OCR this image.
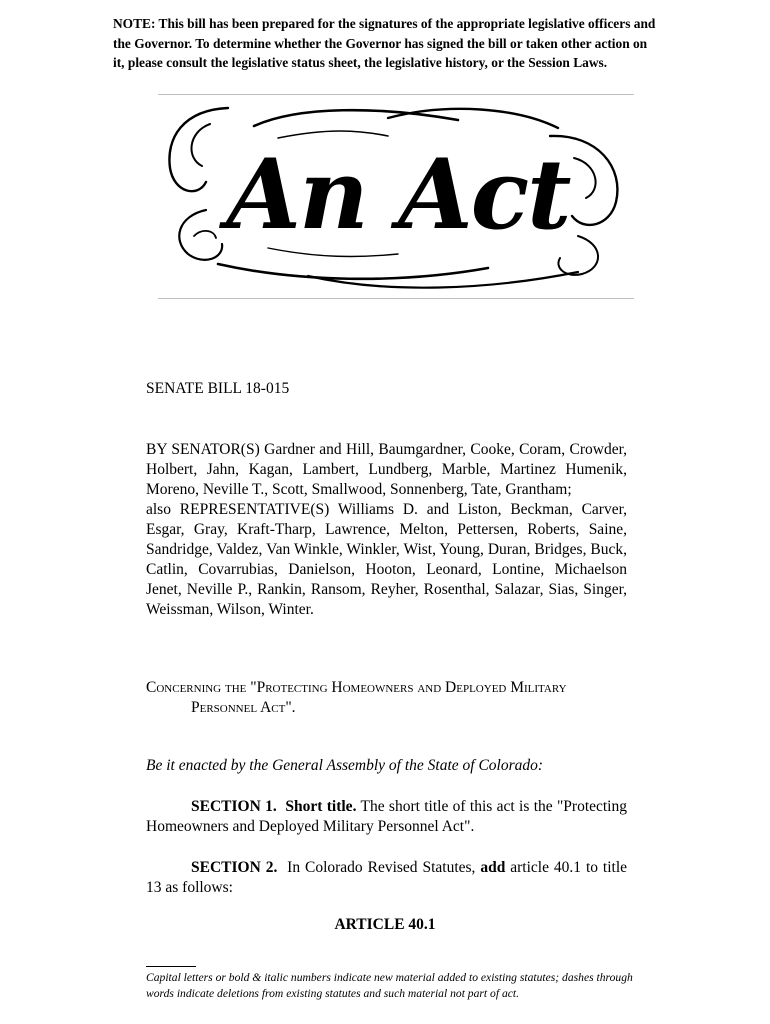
NOTE: This bill has been prepared for the signatures of the appropriate legislative officers and the Governor. To determine whether the Governor has signed the bill or taken other action on it, please consult the legislative status sheet, the legislative history, or the Session Laws.
An Act
SENATE BILL 18-015

BY SENATOR(S) Gardner and Hill, Baumgardner, Cooke, Coram, Crowder, Holbert, Jahn, Kagan, Lambert, Lundberg, Marble, Martinez Humenik, Moreno, Neville T., Scott, Smallwood, Sonnenberg, Tate, Grantham;

also REPRESENTATIVE(S) Williams D. and Liston, Beckman, Carver, Esgar, Gray, Kraft-Tharp, Lawrence, Melton, Pettersen, Roberts, Saine, Sandridge, Valdez, Van Winkle, Winkler, Wist, Young, Duran, Bridges, Buck, Catlin, Covarrubias, Danielson, Hooton, Leonard, Lontine, Michaelson Jenet, Neville P., Rankin, Ransom, Reyher, Rosenthal, Salazar, Sias, Singer, Weissman, Wilson, Winter.

Concerning the "Protecting Homeowners and Deployed Military
Personnel Act".
Be it enacted by the General Assembly of the State of Colorado:
SECTION 1. Short title. The short title of this act is the "Protecting Homeowners and Deployed Military Personnel Act".
SECTION 2. In Colorado Revised Statutes, add article 40.1 to title 13 as follows:
ARTICLE 40.1
Capital letters or bold & italic numbers indicate new material added to existing statutes; dashes through words indicate deletions from existing statutes and such material not part of act.
